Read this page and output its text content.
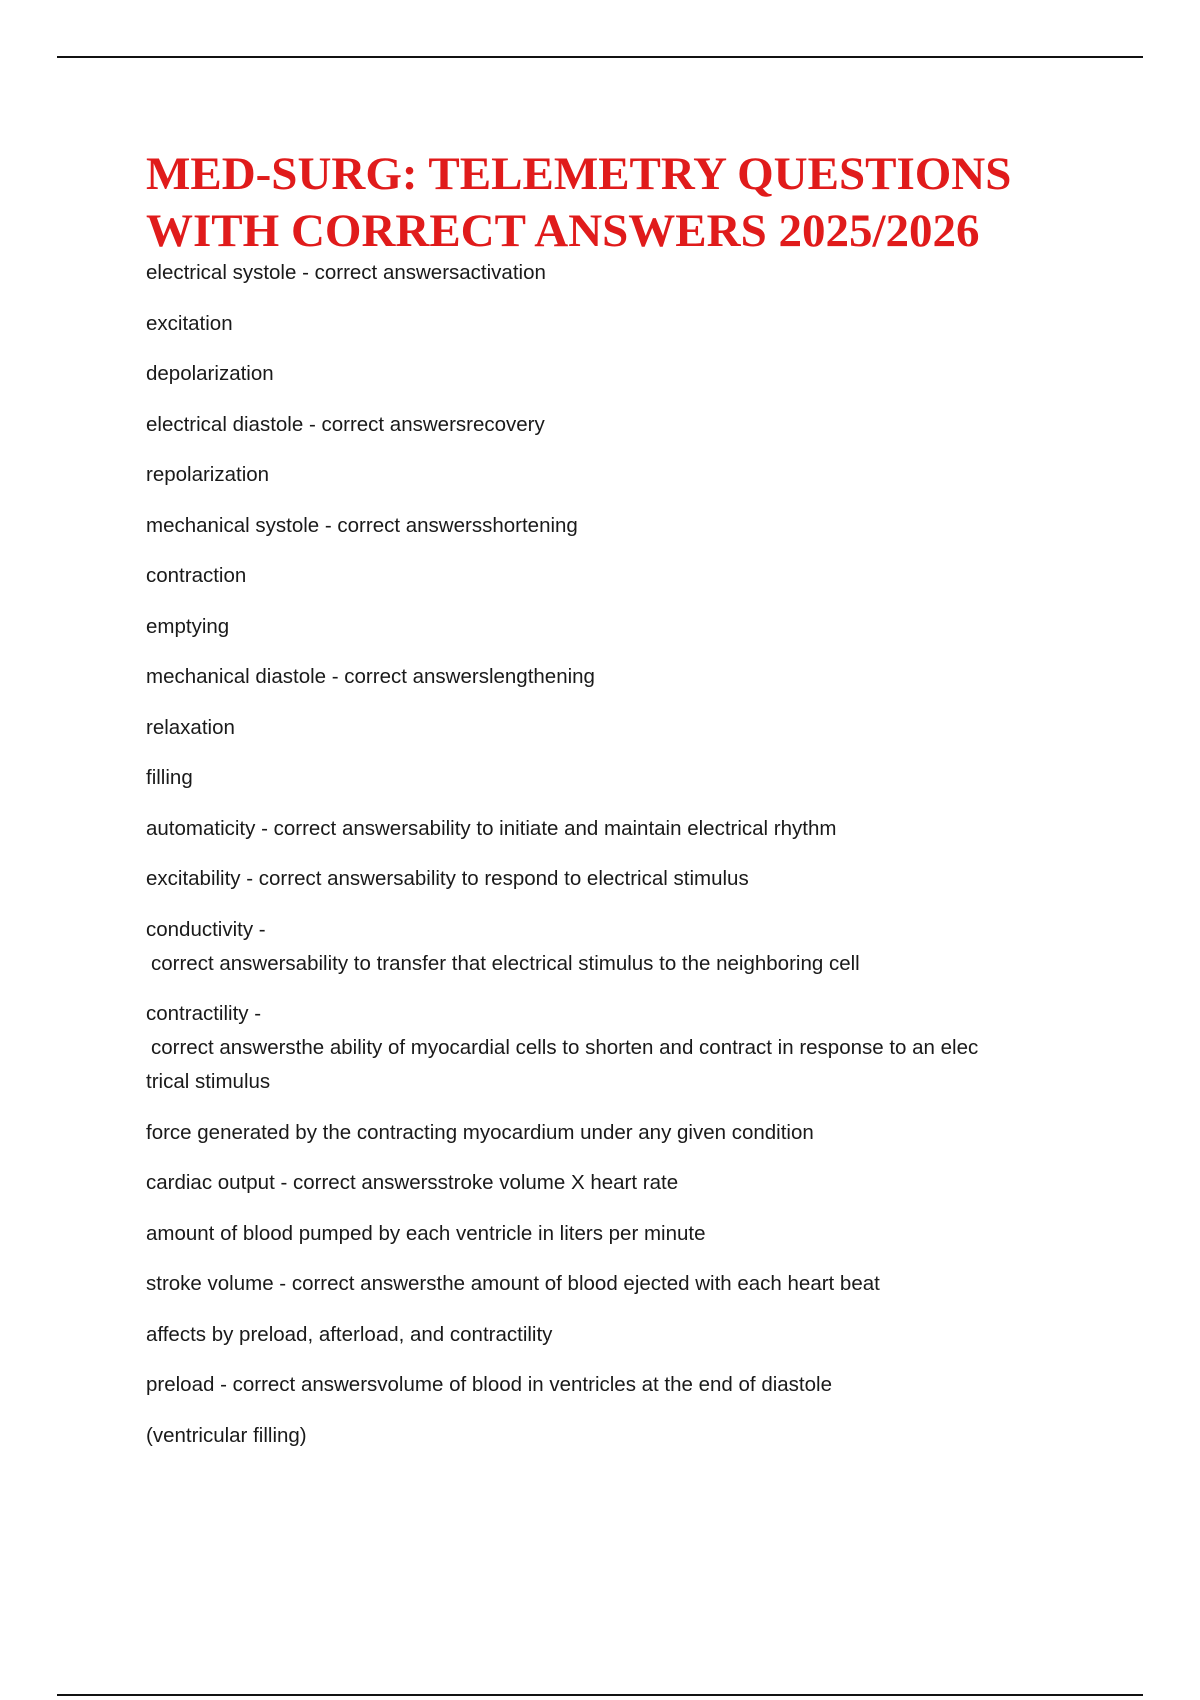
MED-SURG: TELEMETRY QUESTIONS
WITH CORRECT ANSWERS 2025/2026
electrical systole - correct answersactivation
excitation
depolarization
electrical diastole - correct answersrecovery
repolarization
mechanical systole - correct answersshortening
contraction
emptying
mechanical diastole - correct answerslengthening
relaxation
filling
automaticity - correct answersability to initiate and maintain electrical rhythm
excitability - correct answersability to respond to electrical stimulus
conductivity -
correct answersability to transfer that electrical stimulus to the neighboring cell
contractility -
correct answersthe ability of myocardial cells to shorten and contract in response to an elec
trical stimulus
force generated by the contracting myocardium under any given condition
cardiac output - correct answersstroke volume X heart rate
amount of blood pumped by each ventricle in liters per minute
stroke volume - correct answersthe amount of blood ejected with each heart beat
affects by preload, afterload, and contractility
preload - correct answersvolume of blood in ventricles at the end of diastole
(ventricular filling)
